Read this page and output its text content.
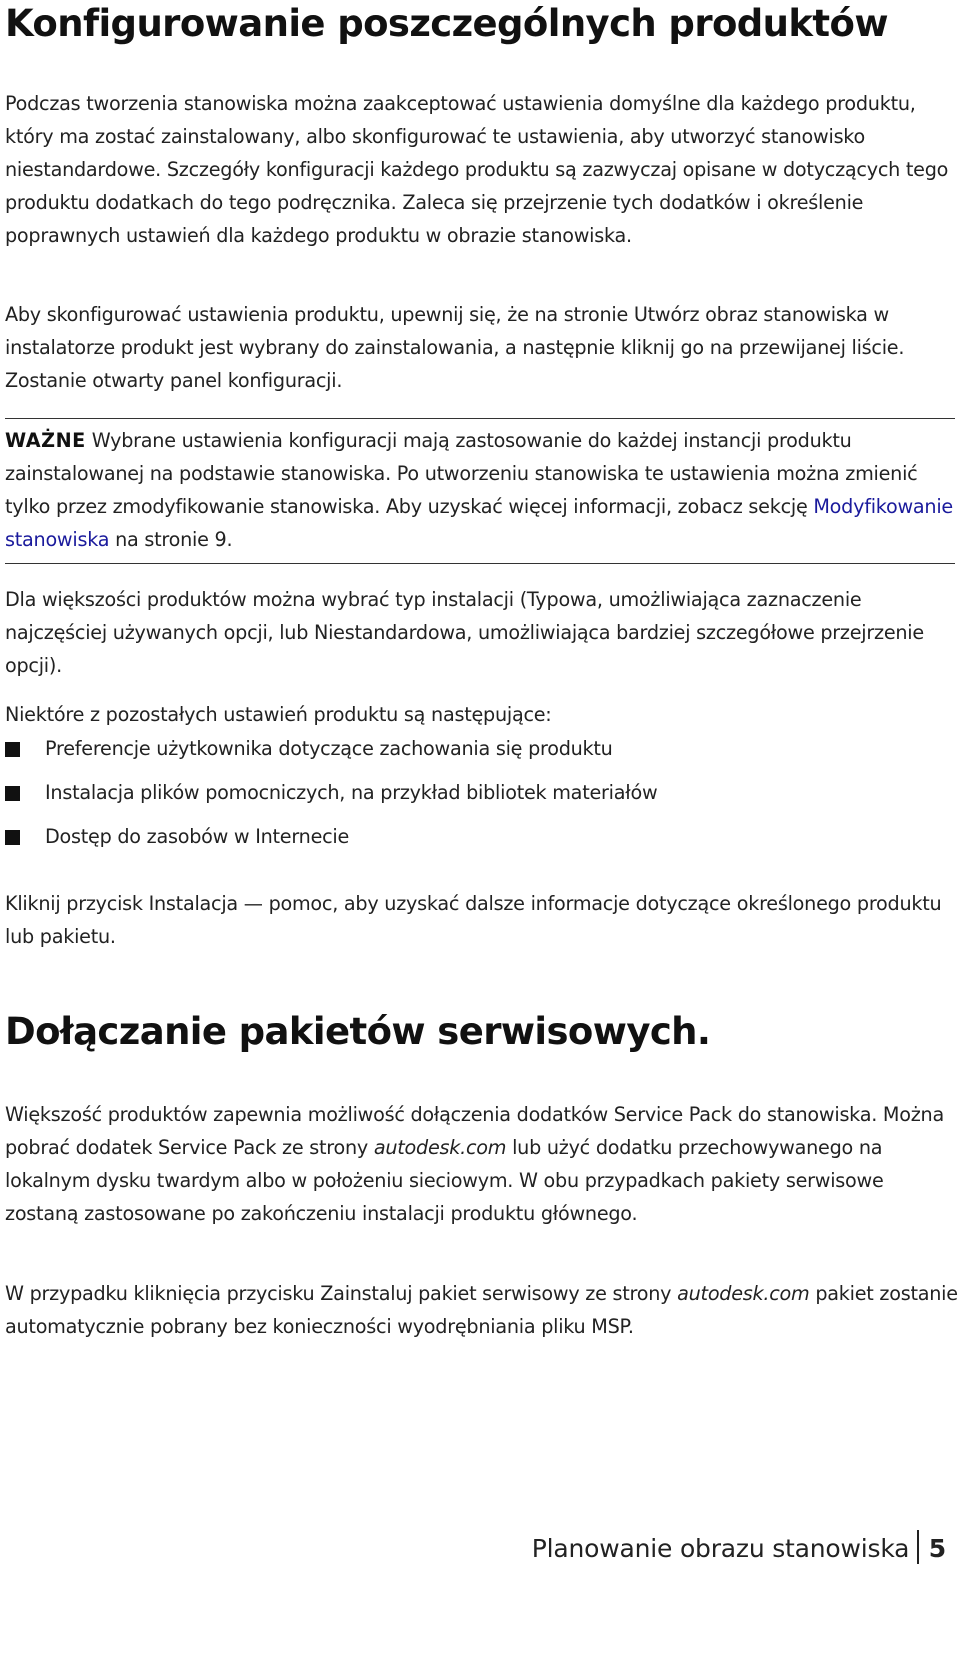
Konfigurowanie poszczególnych produktów

Podczas tworzenia stanowiska można zaakceptować ustawienia domyślne dla każdego produktu, który ma zostać zainstalowany, albo skonfigurować te ustawienia, aby utworzyć stanowisko niestandardowe. Szczegóły konfiguracji każdego produktu są zazwyczaj opisane w dotyczących tego produktu dodatkach do tego podręcznika. Zaleca się przejrzenie tych dodatków i określenie poprawnych ustawień dla każdego produktu w obrazie stanowiska.

Aby skonfigurować ustawienia produktu, upewnij się, że na stronie Utwórz obraz stanowiska w instalatorze produkt jest wybrany do zainstalowania, a następnie kliknij go na przewijanej liście. Zostanie otwarty panel konfiguracji.

WAŻNE Wybrane ustawienia konfiguracji mają zastosowanie do każdej instancji produktu zainstalowanej na podstawie stanowiska. Po utworzeniu stanowiska te ustawienia można zmienić tylko przez zmodyfikowanie stanowiska. Aby uzyskać więcej informacji, zobacz sekcję Modyfikowanie stanowiska na stronie 9.

Dla większości produktów można wybrać typ instalacji (Typowa, umożliwiająca zaznaczenie najczęściej używanych opcji, lub Niestandardowa, umożliwiająca bardziej szczegółowe przejrzenie opcji).

Niektóre z pozostałych ustawień produktu są następujące:

Preferencje użytkownika dotyczące zachowania się produktu
Instalacja plików pomocniczych, na przykład bibliotek materiałów
Dostęp do zasobów w Internecie

Kliknij przycisk Instalacja — pomoc, aby uzyskać dalsze informacje dotyczące określonego produktu lub pakietu.

Dołączanie pakietów serwisowych.

Większość produktów zapewnia możliwość dołączenia dodatków Service Pack do stanowiska. Można pobrać dodatek Service Pack ze strony autodesk.com lub użyć dodatku przechowywanego na lokalnym dysku twardym albo w położeniu sieciowym. W obu przypadkach pakiety serwisowe zostaną zastosowane po zakończeniu instalacji produktu głównego.

W przypadku kliknięcia przycisku Zainstaluj pakiet serwisowy ze strony autodesk.com pakiet zostanie automatycznie pobrany bez konieczności wyodrębniania pliku MSP.

Planowanie obrazu stanowiska 5
